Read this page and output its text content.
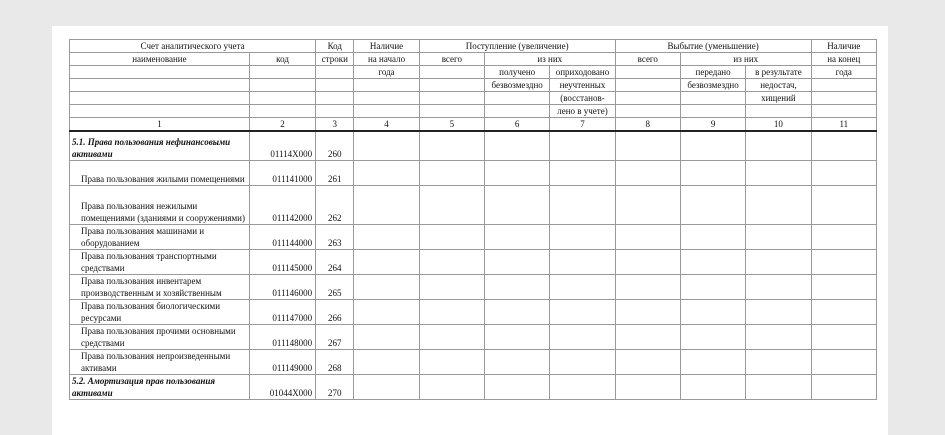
Счет аналитического учета		Код	Наличие	Поступление (увеличение)			Выбытие (уменьшение)			Наличие
наименование	код	строки	на начало	всего	из них		всего	из них		на конец
			года		получено	оприходовано		передано	в результате	года
					безвозмездно	неучтенных		безвозмездно	недостач,	
						(восстанов-			хищений	
						лено в учете)				
1	2	3	4	5	6	7	8	9	10	11
5.1. Права пользования нефинансовыми активами	01114X000	260								
Права пользования жилыми помещениями	011141000	261								
Права пользования нежилыми помещениями (зданиями и сооружениями)	011142000	262								
Права пользования машинами и оборудованием	011144000	263								
Права пользования транспортными средствами	011145000	264								
Права пользования инвентарем производственным и хозяйственным	011146000	265								
Права пользования биологическими ресурсами	011147000	266								
Права пользования прочими основными средствами	011148000	267								
Права пользования непроизведенными активами	011149000	268								
5.2. Амортизация прав пользования активами	01044X000	270								
